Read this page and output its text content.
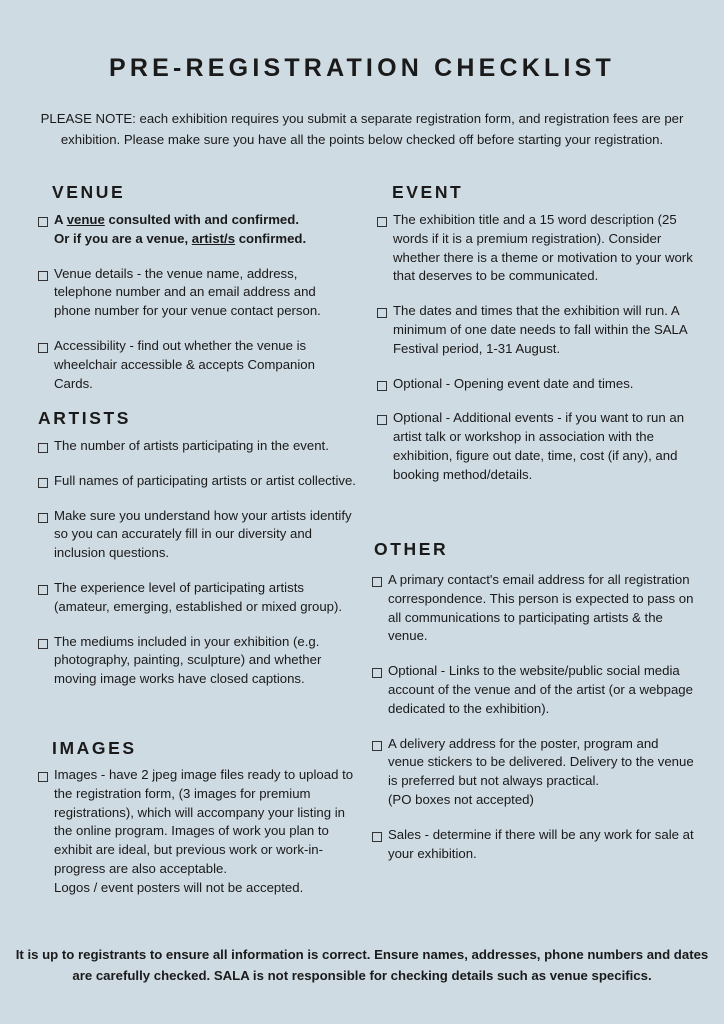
PRE-REGISTRATION CHECKLIST

PLEASE NOTE: each exhibition requires you submit a separate registration form, and registration fees are per exhibition. Please make sure you have all the points below checked off before starting your registration.

VENUE
A venue consulted with and confirmed.
Or if you are a venue, artist/s confirmed.
Venue details - the venue name, address, telephone number and an email address and phone number for your venue contact person.
Accessibility - find out whether the venue is wheelchair accessible & accepts Companion Cards.
ARTISTS
The number of artists participating in the event.
Full names of participating artists or artist collective.
Make sure you understand how your artists identify so you can accurately fill in our diversity and inclusion questions.
The experience level of participating artists (amateur, emerging, established or mixed group).
The mediums included in your exhibition (e.g. photography, painting, sculpture) and whether moving image works have closed captions.
IMAGES
Images - have 2 jpeg image files ready to upload to the registration form, (3 images for premium registrations), which will accompany your listing in the online program. Images of work you plan to exhibit are ideal, but previous work or work-in-progress are also acceptable.
Logos / event posters will not be accepted.
EVENT
The exhibition title and a 15 word description (25 words if it is a premium registration). Consider whether there is a theme or motivation to your work that deserves to be communicated.
The dates and times that the exhibition will run. A minimum of one date needs to fall within the SALA Festival period, 1-31 August.
Optional - Opening event date and times.
Optional - Additional events - if you want to run an artist talk or workshop in association with the exhibition, figure out date, time, cost (if any), and booking method/details.
OTHER
A primary contact's email address for all registration correspondence. This person is expected to pass on all communications to participating artists & the venue.
Optional - Links to the website/public social media account of the venue and of the artist (or a webpage dedicated to the exhibition).
A delivery address for the poster, program and venue stickers to be delivered. Delivery to the venue is preferred but not always practical.
(PO boxes not accepted)
Sales - determine if there will be any work for sale at your exhibition.

It is up to registrants to ensure all information is correct. Ensure names, addresses, phone numbers and dates are carefully checked. SALA is not responsible for checking details such as venue specifics.
